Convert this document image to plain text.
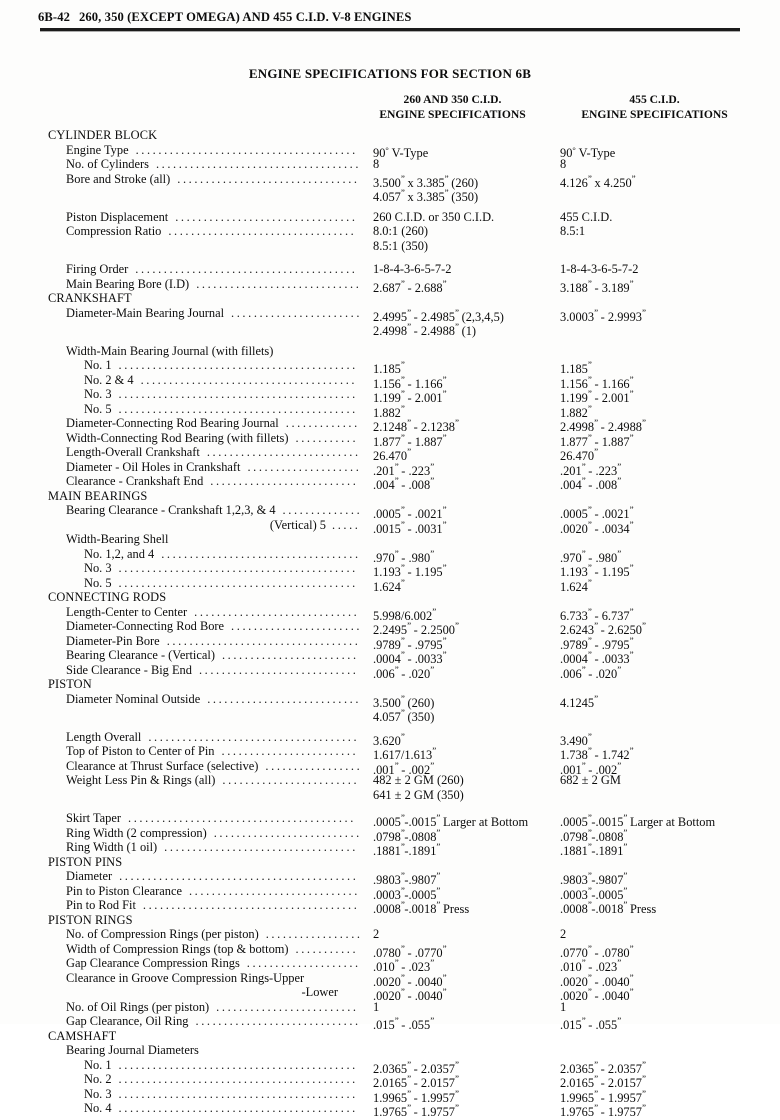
6B-42 260, 350 (EXCEPT OMEGA) AND 455 C.I.D. V-8 ENGINES
ENGINE SPECIFICATIONS FOR SECTION 6B
260 AND 350 C.I.D.
ENGINE SPECIFICATIONS
455 C.I.D.
ENGINE SPECIFICATIONS
CYLINDER BLOCK
Engine Type .......................................	90° V-Type	90° V-Type
No. of Cylinders .................................... 8	8
Bore and Stroke (all) ................................	3.500” x 3.385” (260)	4.126” x 4.250”
4.057” x 3.385” (350)
Piston Displacement ................................	260 C.I.D. or 350 C.I.D.	455 C.I.D.
Compression Ratio .................................	8.0:1 (260)	8.5:1
8.5:1 (350)
Firing Order .......................................	1-8-4-3-6-5-7-2	1-8-4-3-6-5-7-2
Main Bearing Bore (I.D) ............................. 2.687” - 2.688”	3.188” - 3.189”
CRANKSHAFT
Diameter-Main Bearing Journal ....................... 2.4995” - 2.4985” (2,3,4,5)	3.0003” - 2.9993”
2.4998” - 2.4988” (1)
Width-Main Bearing Journal (with fillets)
No. 1 ..........................................	1.185”	1.185”
No. 2 & 4 ......................................	1.156” - 1.166”	1.156” - 1.166”
No. 3 ..........................................	1.199” - 2.001”	1.199” - 2.001”
No. 5 ..........................................	1.882”	1.882”
Diameter-Connecting Rod Bearing Journal .............	2.1248” - 2.1238”	2.4998” - 2.4988”
Width-Connecting Rod Bearing (with fillets) ...........	1.877” - 1.887”	1.877” - 1.887”
Length-Overall Crankshaft ........................... 26.470”	26.470”
Diameter - Oil Holes in Crankshaft .................... .201” - .223”	.201” - .223”
Clearance - Crankshaft End ..........................	.004” - .008”	.004” - .008”
MAIN BEARINGS
Bearing Clearance - Crankshaft 1,2,3, & 4 .............. .0005” - .0021”	.0005” - .0021”
(Vertical) 5 .....	.0015” - .0031”	.0020” - .0034”
Width-Bearing Shell
No. 1,2, and 4 ................................... .970” - .980”	.970” - .980”
No. 3 ..........................................	1.193” - 1.195”	1.193” - 1.195”
No. 5 ..........................................	1.624”	1.624”
CONNECTING RODS
Length-Center to Center .............................	5.998/6.002”	6.733” - 6.737”
Diameter-Connecting Rod Bore ....................... 2.2495” - 2.2500”	2.6243” - 2.6250”
Diameter-Pin Bore ..................................	.9789” - .9795”	.9789” - .9795”
Bearing Clearance - (Vertical) ........................	.0004” - .0033”	.0004” - .0033”
Side Clearance - Big End ............................	.006” - .020”	.006” - .020”
PISTON
Diameter Nominal Outside ........................... 3.500” (260)	4.1245”
4.057” (350)
Length Overall .....................................	3.620”	3.490”
Top of Piston to Center of Pin ........................	1.617/1.613”	1.738” - 1.742”
Clearance at Thrust Surface (selective) ................. .001” - .002”	.001” - .002”
Weight Less Pin & Rings (all) ........................	482 ± 2 GM (260)	682 ± 2 GM
641 ± 2 GM (350)
Skirt Taper ........................................	.0005”-.0015” Larger at Bottom	.0005”-.0015” Larger at Bottom
Ring Width (2 compression) .......................... .0798”-.0808”	.0798”-.0808”
Ring Width (1 oil) ..................................	.1881”-.1891”	.1881”-.1891”
PISTON PINS
Diameter ..........................................	.9803”-.9807”	.9803”-.9807”
Pin to Piston Clearance ..............................	.0003”-.0005”	.0003”-.0005”
Pin to Rod Fit ......................................	.0008”-.0018” Press	.0008”-.0018” Press
PISTON RINGS
No. of Compression Rings (per piston) ................. 2	2
Width of Compression Rings (top & bottom) ...........	.0780” - .0770”	.0770” - .0780”
Gap Clearance Compression Rings .................... .010” - .023”	.010” - .023”
Clearance in Groove Compression Rings-Upper	.0020” - .0040”	.0020” - .0040”
-Lower	.0020” - .0040”	.0020” - .0040”
No. of Oil Rings (per piston) .........................	1	1
Gap Clearance, Oil Ring ............................. .015” - .055”	.015” - .055”
CAMSHAFT
Bearing Journal Diameters
No. 1 ..........................................	2.0365” - 2.0357”	2.0365” - 2.0357”
No. 2 ..........................................	2.0165” - 2.0157”	2.0165” - 2.0157”
No. 3 ..........................................	1.9965” - 1.9957”	1.9965” - 1.9957”
No. 4 ..........................................	1.9765” - 1.9757”	1.9765” - 1.9757”
